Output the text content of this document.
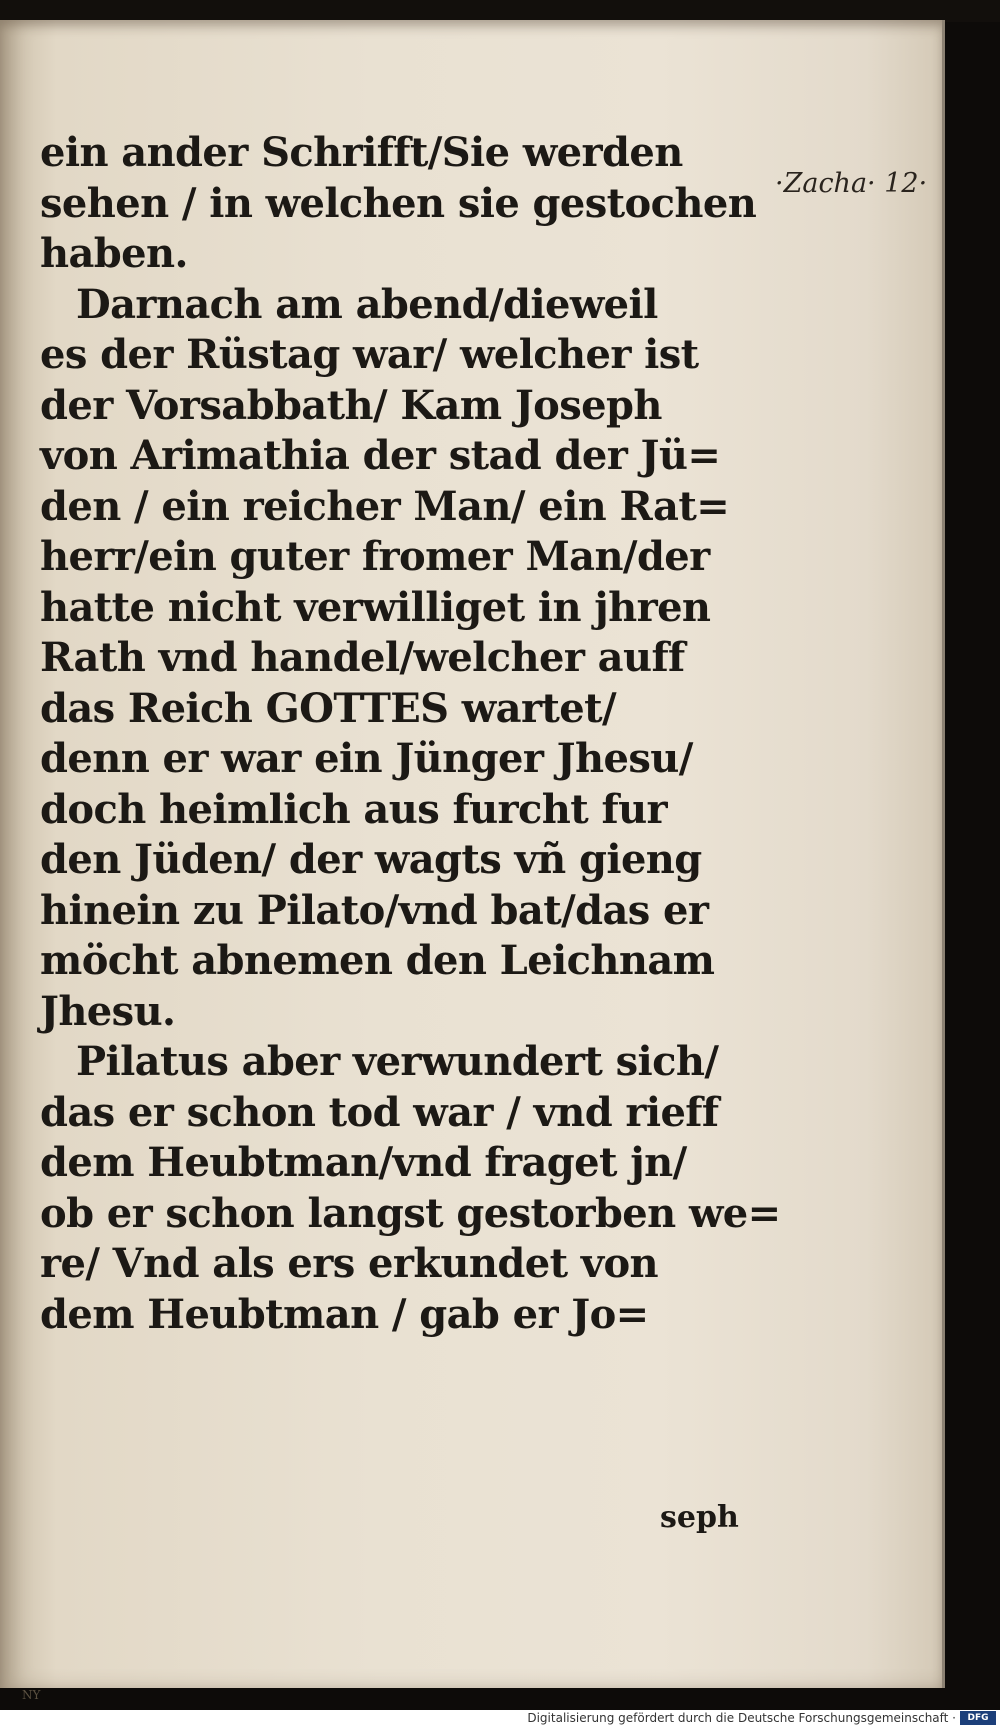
ein ander Schrifft/Sie werden
sehen / in welchen sie gestochen
haben.
Darnach am abend/dieweil
es der Rüstag war/ welcher ist
der Vorsabbath/ Kam Joseph
von Arimathia der stad der Jü=
den / ein reicher Man/ ein Rat=
herr/ein guter fromer Man/der
hatte nicht verwilliget in jhren
Rath vnd handel/welcher auff
das Reich GOTTES wartet/
denn er war ein Jünger Jhesu/
doch heimlich aus furcht fur
den Jüden/ der wagts vñ gieng
hinein zu Pilato/vnd bat/das er
möcht abnemen den Leichnam
Jhesu.
Pilatus aber verwundert sich/
das er schon tod war / vnd rieff
dem Heubtman/vnd fraget jn/
ob er schon langst gestorben we=
re/ Vnd als ers erkundet von
dem Heubtman / gab er Jo=
seph
·Zacha· 12·
NY
Digitalisierung gefördert durch die Deutsche Forschungsgemeinschaft ·	DFG
